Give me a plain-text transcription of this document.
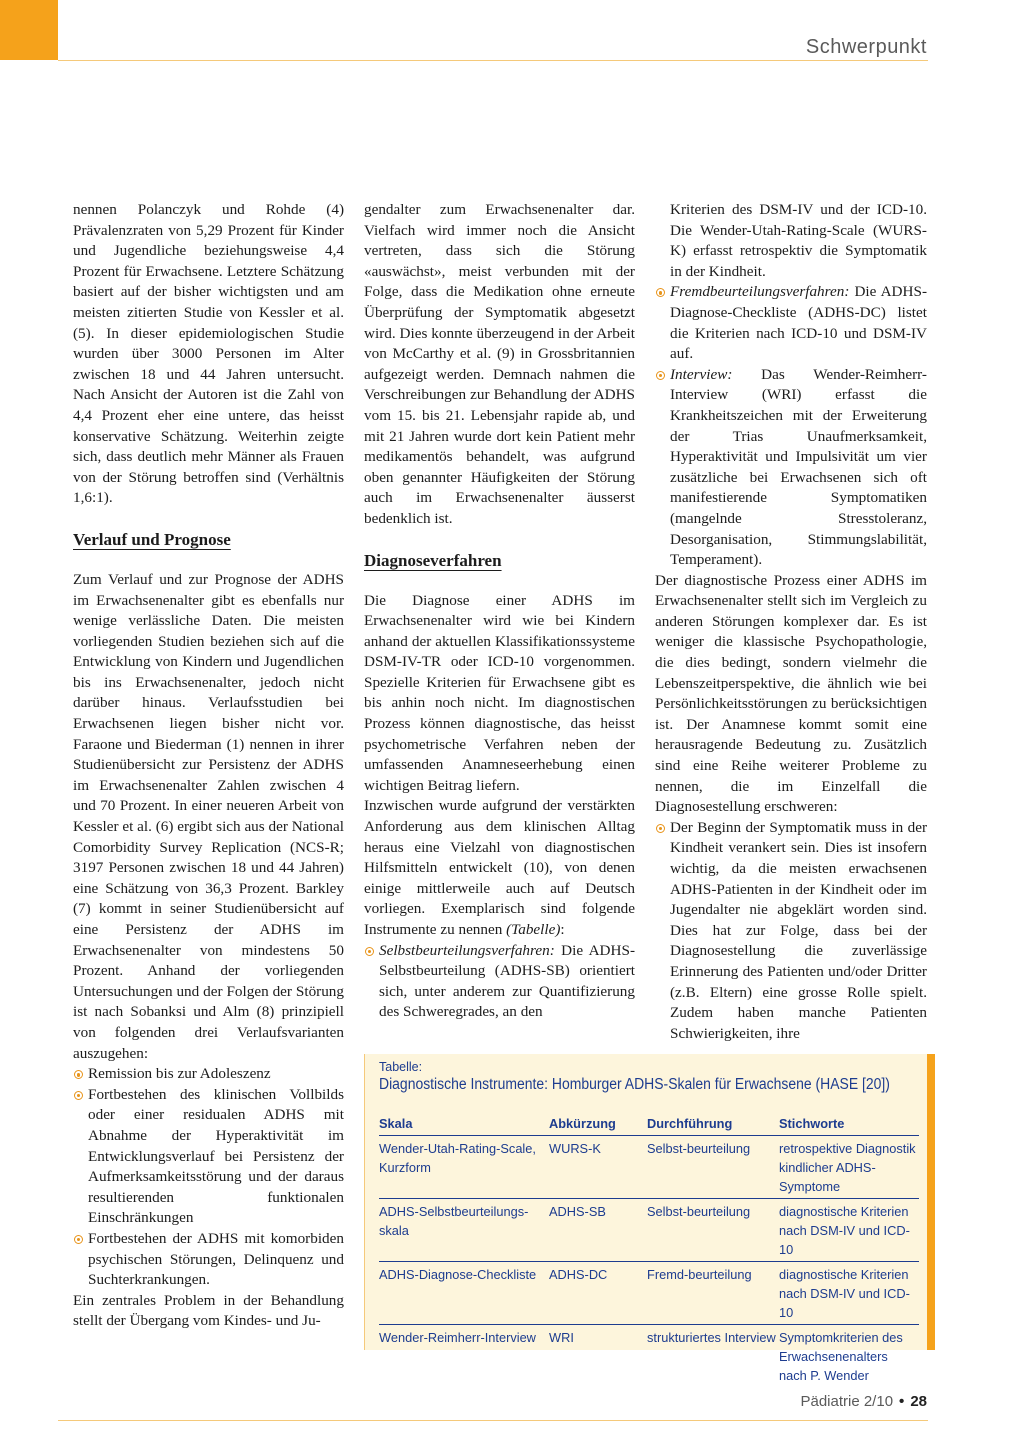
Schwerpunkt

nennen Polanczyk und Rohde (4) Prävalenzraten von 5,29 Prozent für Kinder und Jugendliche beziehungsweise 4,4 Prozent für Erwachsene. Letztere Schätzung basiert auf der bisher wichtigsten und am meisten zitierten Studie von Kessler et al. (5). In dieser epidemiologischen Studie wurden über 3000 Personen im Alter zwischen 18 und 44 Jahren untersucht. Nach Ansicht der Autoren ist die Zahl von 4,4 Prozent eher eine untere, das heisst konservative Schätzung. Weiterhin zeigte sich, dass deutlich mehr Männer als Frauen von der Störung betroffen sind (Verhältnis 1,6:1).

Verlauf und Prognose

Zum Verlauf und zur Prognose der ADHS im Erwachsenenalter gibt es ebenfalls nur wenige verlässliche Daten. Die meisten vorliegenden Studien beziehen sich auf die Entwicklung von Kindern und Jugendlichen bis ins Erwachsenenalter, jedoch nicht darüber hinaus. Verlaufsstudien bei Erwachsenen liegen bisher nicht vor. Faraone und Biederman (1) nennen in ihrer Studienübersicht zur Persistenz der ADHS im Erwachsenenalter Zahlen zwischen 4 und 70 Prozent. In einer neueren Arbeit von Kessler et al. (6) ergibt sich aus der National Comorbidity Survey Replication (NCS-R; 3197 Personen zwischen 18 und 44 Jahren) eine Schätzung von 36,3 Prozent. Barkley (7) kommt in seiner Studienübersicht auf eine Persistenz der ADHS im Erwachsenenalter von mindestens 50 Prozent. Anhand der vorliegenden Untersuchungen und der Folgen der Störung ist nach Sobanksi und Alm (8) prinzipiell von folgenden drei Verlaufsvarianten auszugehen:

Remission bis zur Adoleszenz
Fortbestehen des klinischen Vollbilds oder einer residualen ADHS mit Abnahme der Hyperaktivität im Entwicklungsverlauf bei Persistenz der Aufmerksamkeitsstörung und der daraus resultierenden funktionalen Einschränkungen
Fortbestehen der ADHS mit komorbiden psychischen Störungen, Delinquenz und Suchterkrankungen.

Ein zentrales Problem in der Behandlung stellt der Übergang vom Kindes- und Ju-

gendalter zum Erwachsenenalter dar. Vielfach wird immer noch die Ansicht vertreten, dass sich die Störung «auswächst», meist verbunden mit der Folge, dass die Medikation ohne erneute Überprüfung der Symptomatik abgesetzt wird. Dies konnte überzeugend in der Arbeit von McCarthy et al. (9) in Grossbritannien aufgezeigt werden. Demnach nahmen die Verschreibungen zur Behandlung der ADHS vom 15. bis 21. Lebensjahr rapide ab, und mit 21 Jahren wurde dort kein Patient mehr medikamentös behandelt, was aufgrund oben genannter Häufigkeiten der Störung auch im Erwachsenenalter äusserst bedenklich ist.

Diagnoseverfahren

Die Diagnose einer ADHS im Erwachsenenalter wird wie bei Kindern anhand der aktuellen Klassifikationssysteme DSM-IV-TR oder ICD-10 vorgenommen. Spezielle Kriterien für Erwachsene gibt es bis anhin noch nicht. Im diagnostischen Prozess können diagnostische, das heisst psychometrische Verfahren neben der umfassenden Anamneseerhebung einen wichtigen Beitrag liefern.

Inzwischen wurde aufgrund der verstärkten Anforderung aus dem klinischen Alltag heraus eine Vielzahl von diagnostischen Hilfsmitteln entwickelt (10), von denen einige mittlerweile auch auf Deutsch vorliegen. Exemplarisch sind folgende Instrumente zu nennen (Tabelle):

Selbstbeurteilungsverfahren: Die ADHS-Selbstbeurteilung (ADHS-SB) orientiert sich, unter anderem zur Quantifizierung des Schweregrades, an den

Kriterien des DSM-IV und der ICD-10. Die Wender-Utah-Rating-Scale (WURS-K) erfasst retrospektiv die Symptomatik in der Kindheit.

Fremdbeurteilungsverfahren: Die ADHS-Diagnose-Checkliste (ADHS-DC) listet die Kriterien nach ICD-10 und DSM-IV auf.
Interview: Das Wender-Reimherr-Interview (WRI) erfasst die Krankheitszeichen mit der Erweiterung der Trias Unaufmerksamkeit, Hyperaktivität und Impulsivität um vier zusätzliche bei Erwachsenen sich oft manifestierende Symptomatiken (mangelnde Stresstoleranz, Desorganisation, Stimmungslabilität, Temperament).

Der diagnostische Prozess einer ADHS im Erwachsenenalter stellt sich im Vergleich zu anderen Störungen komplexer dar. Es ist weniger die klassische Psychopathologie, die dies bedingt, sondern vielmehr die Lebenszeitperspektive, die ähnlich wie bei Persönlichkeitsstörungen zu berücksichtigen ist. Der Anamnese kommt somit eine herausragende Bedeutung zu. Zusätzlich sind eine Reihe weiterer Probleme zu nennen, die im Einzelfall die Diagnosestellung erschweren:

Der Beginn der Symptomatik muss in der Kindheit verankert sein. Dies ist insofern wichtig, da die meisten erwachsenen ADHS-Patienten in der Kindheit oder im Jugendalter nie abgeklärt worden sind. Dies hat zur Folge, dass bei der Diagnosestellung die zuverlässige Erinnerung des Patienten und/oder Dritter (z.B. Eltern) eine grosse Rolle spielt. Zudem haben manche Patienten Schwierigkeiten, ihre
Tabelle:
Diagnostische Instrumente: Homburger ADHS-Skalen für Erwachsene (HASE [20])
Skala	Abkürzung	Durchführung	Stichworte
Wender-Utah-Rating-Scale, Kurzform	WURS-K	Selbst-beurteilung	retrospektive Diagnostik kindlicher ADHS-Symptome
ADHS-Selbstbeurteilungs-skala	ADHS-SB	Selbst-beurteilung	diagnostische Kriterien nach DSM-IV und ICD-10
ADHS-Diagnose-Checkliste	ADHS-DC	Fremd-beurteilung	diagnostische Kriterien nach DSM-IV und ICD-10
Wender-Reimherr-Interview	WRI	strukturiertes Interview	Symptomkriterien des Erwachsenenalters nach P. Wender
Pädiatrie 2/10 • 28
